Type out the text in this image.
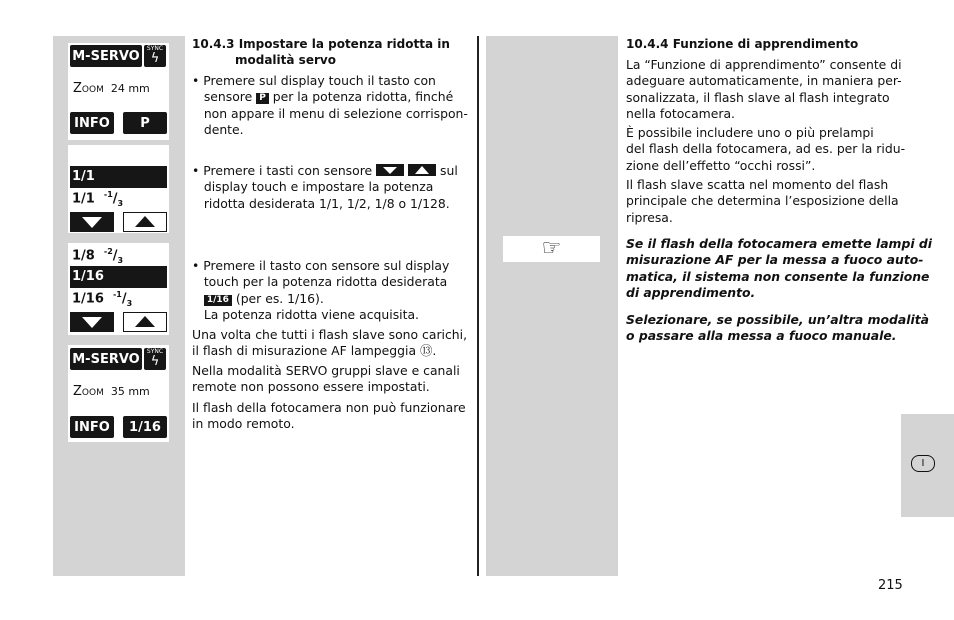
M-SERVO	SYNC
ϟ
ZOOM 24 mm
INFO	P
1/1
1/1 $^{-1}/_3$
1/8 $^{-2}/_3$
1/16
1/16 $^{-1}/_3$
M-SERVO	SYNC
ϟ
ZOOM 35 mm
INFO	1/16
10.4.3 Impostare la potenza ridotta in
modalità servo
• Premere sul display touch il tasto con
sensore P per la potenza ridotta, finché
non appare il menu di selezione corrispon-
dente.
• Premere i tasti con sensore	sul
display touch e impostare la potenza
ridotta desiderata 1/1, 1/2, 1/8 o 1/128.
• Premere il tasto con sensore sul display
touch per la potenza ridotta desiderata
1/16 (per es. 1/16).
La potenza ridotta viene acquisita.
Una volta che tutti i flash slave sono carichi,
il flash di misurazione AF lampeggia ⑬.
Nella modalità SERVO gruppi slave e canali
remote non possono essere impostati.
Il flash della fotocamera non può funzionare
in modo remoto.
10.4.4 Funzione di apprendimento
La “Funzione di apprendimento” consente di
adeguare automaticamente, in maniera per-
sonalizzata, il flash slave al flash integrato
nella fotocamera.
È possibile includere uno o più prelampi
del flash della fotocamera, ad es. per la ridu-
zione dell’effetto “occhi rossi”.
Il flash slave scatta nel momento del flash
principale che determina l’esposizione della
ripresa.
☞	Se il flash della fotocamera emette lampi di
misurazione AF per la messa a fuoco auto-
matica, il sistema non consente la funzione
di apprendimento.
Selezionare, se possibile, un’altra modalità
o passare alla messa a fuoco manuale.
I
215
